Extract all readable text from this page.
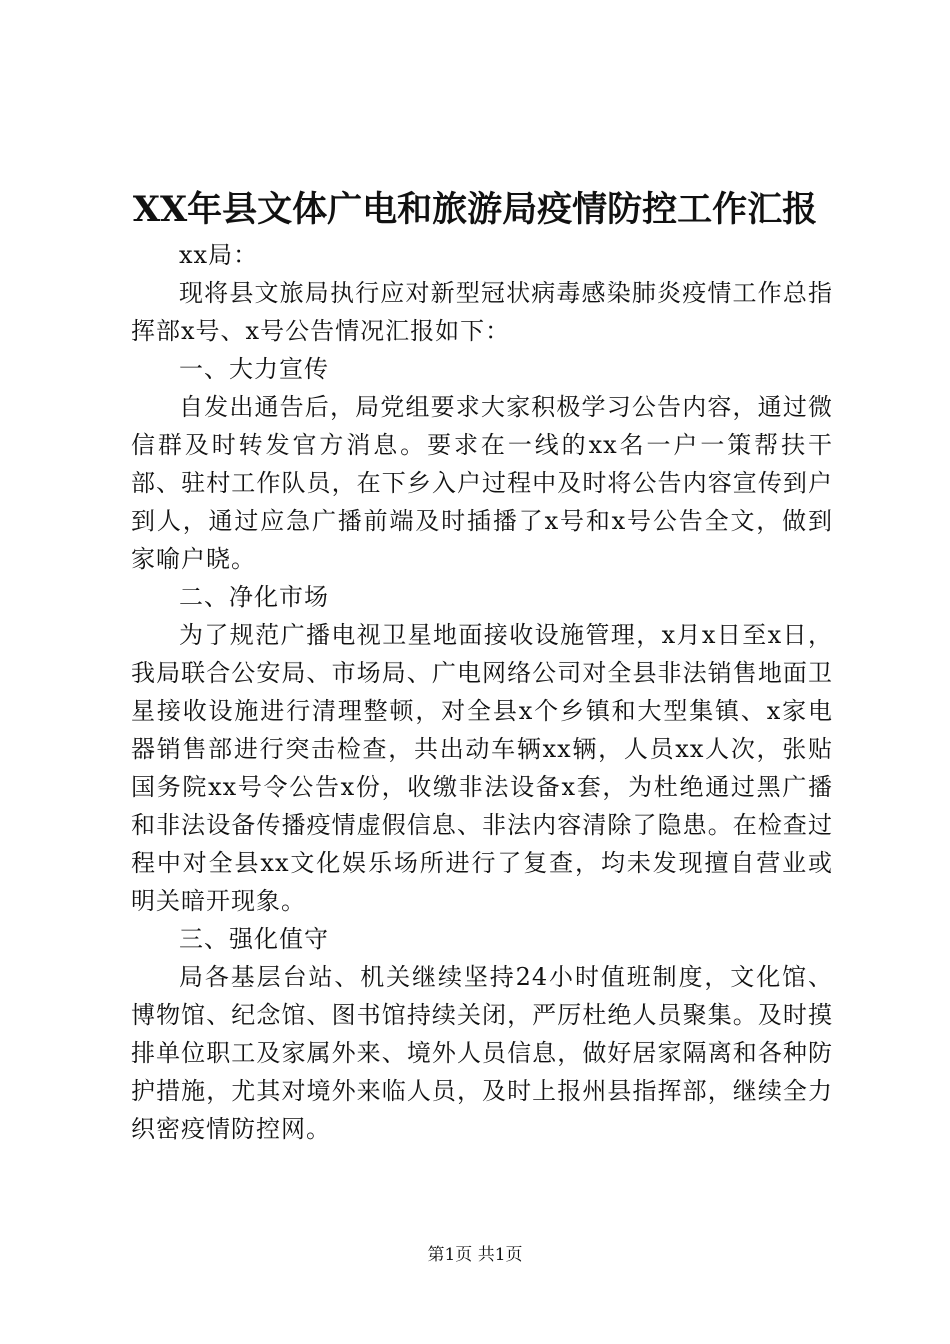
XX年县文体广电和旅游局疫情防控工作汇报

xx局：

现将县文旅局执行应对新型冠状病毒感染肺炎疫情工作总指挥部x号、x号公告情况汇报如下：

一、大力宣传

自发出通告后，局党组要求大家积极学习公告内容，通过微信群及时转发官方消息。要求在一线的xx名一户一策帮扶干部、驻村工作队员，在下乡入户过程中及时将公告内容宣传到户到人，通过应急广播前端及时插播了x号和x号公告全文，做到家喻户晓。

二、净化市场

为了规范广播电视卫星地面接收设施管理，x月x日至x日，我局联合公安局、市场局、广电网络公司对全县非法销售地面卫星接收设施进行清理整顿，对全县x个乡镇和大型集镇、x家电器销售部进行突击检查，共出动车辆xx辆，人员xx人次，张贴国务院xx号令公告x份，收缴非法设备x套，为杜绝通过黑广播和非法设备传播疫情虚假信息、非法内容清除了隐患。在检查过程中对全县xx文化娱乐场所进行了复查，均未发现擅自营业或明关暗开现象。

三、强化值守

局各基层台站、机关继续坚持24小时值班制度，文化馆、博物馆、纪念馆、图书馆持续关闭，严厉杜绝人员聚集。及时摸排单位职工及家属外来、境外人员信息，做好居家隔离和各种防护措施，尤其对境外来临人员，及时上报州县指挥部，继续全力织密疫情防控网。

第1页 共1页
